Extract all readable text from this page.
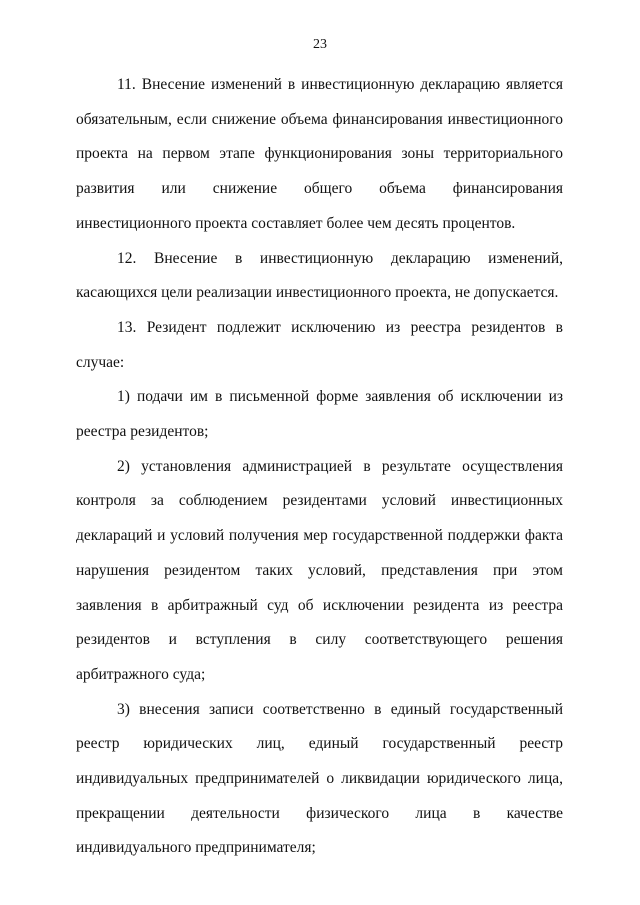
23

11. Внесение изменений в инвестиционную декларацию является обязательным, если снижение объема финансирования инвестиционного проекта на первом этапе функционирования зоны территориального развития или снижение общего объема финансирования инвестиционного проекта составляет более чем десять процентов.

12. Внесение в инвестиционную декларацию изменений, касающихся цели реализации инвестиционного проекта, не допускается.

13. Резидент подлежит исключению из реестра резидентов в случае:

1) подачи им в письменной форме заявления об исключении из реестра резидентов;

2) установления администрацией в результате осуществления контроля за соблюдением резидентами условий инвестиционных деклараций и условий получения мер государственной поддержки факта нарушения резидентом таких условий, представления при этом заявления в арбитражный суд об исключении резидента из реестра резидентов и вступления в силу соответствующего решения арбитражного суда;

3) внесения записи соответственно в единый государственный реестр юридических лиц, единый государственный реестр индивидуальных предпринимателей о ликвидации юридического лица, прекращении деятельности физического лица в качестве индивидуального предпринимателя;
